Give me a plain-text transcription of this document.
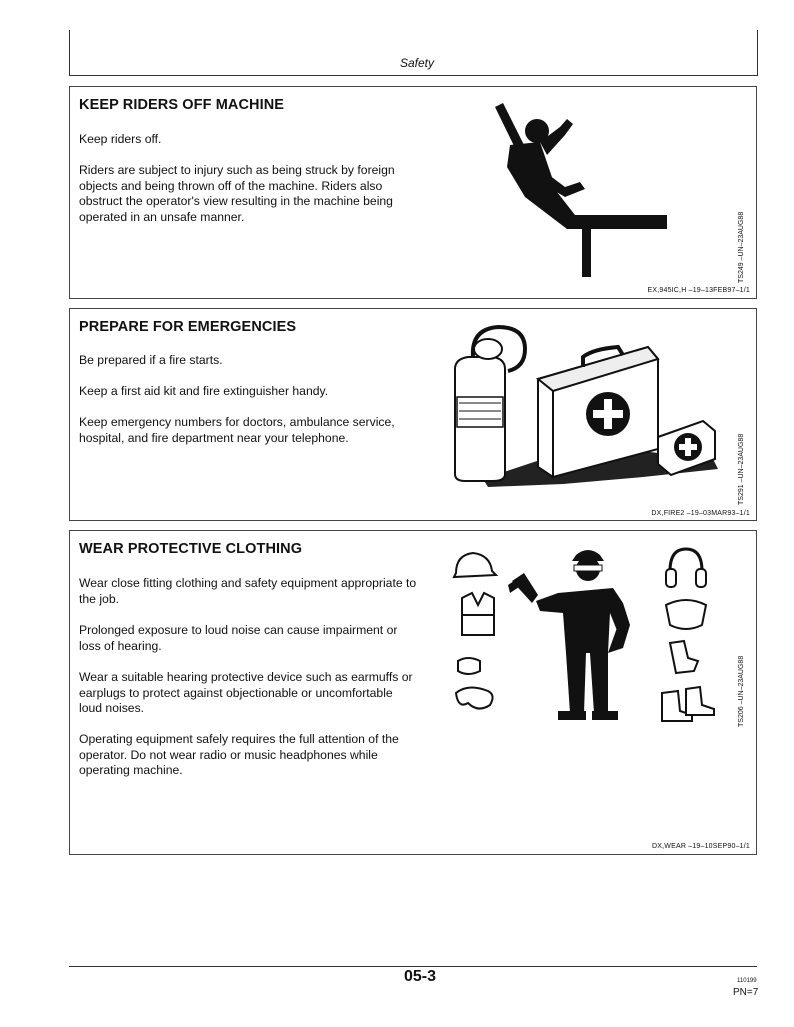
Safety
KEEP RIDERS OFF MACHINE

Keep riders off.

Riders are subject to injury such as being struck by foreign objects and being thrown off of the machine. Riders also obstruct the operator's view resulting in the machine being operated in an unsafe manner.	TS249 –UN–23AUG88
EX,945IC,H –19–13FEB97–1/1
PREPARE FOR EMERGENCIES

Be prepared if a fire starts.

Keep a first aid kit and fire extinguisher handy.

Keep emergency numbers for doctors, ambulance service, hospital, and fire department near your telephone.	TS291 –UN–23AUG88
DX,FIRE2 –19–03MAR93–1/1
WEAR PROTECTIVE CLOTHING

Wear close fitting clothing and safety equipment appropriate to the job.

Prolonged exposure to loud noise can cause impairment or loss of hearing.

Wear a suitable hearing protective device such as earmuffs or earplugs to protect against objectionable or uncomfortable loud noises.

Operating equipment safely requires the full attention of the operator. Do not wear radio or music headphones while operating machine.

TS206 –UN–23AUG88
DX,WEAR –19–10SEP90–1/1
05-3	110199
PN=7
